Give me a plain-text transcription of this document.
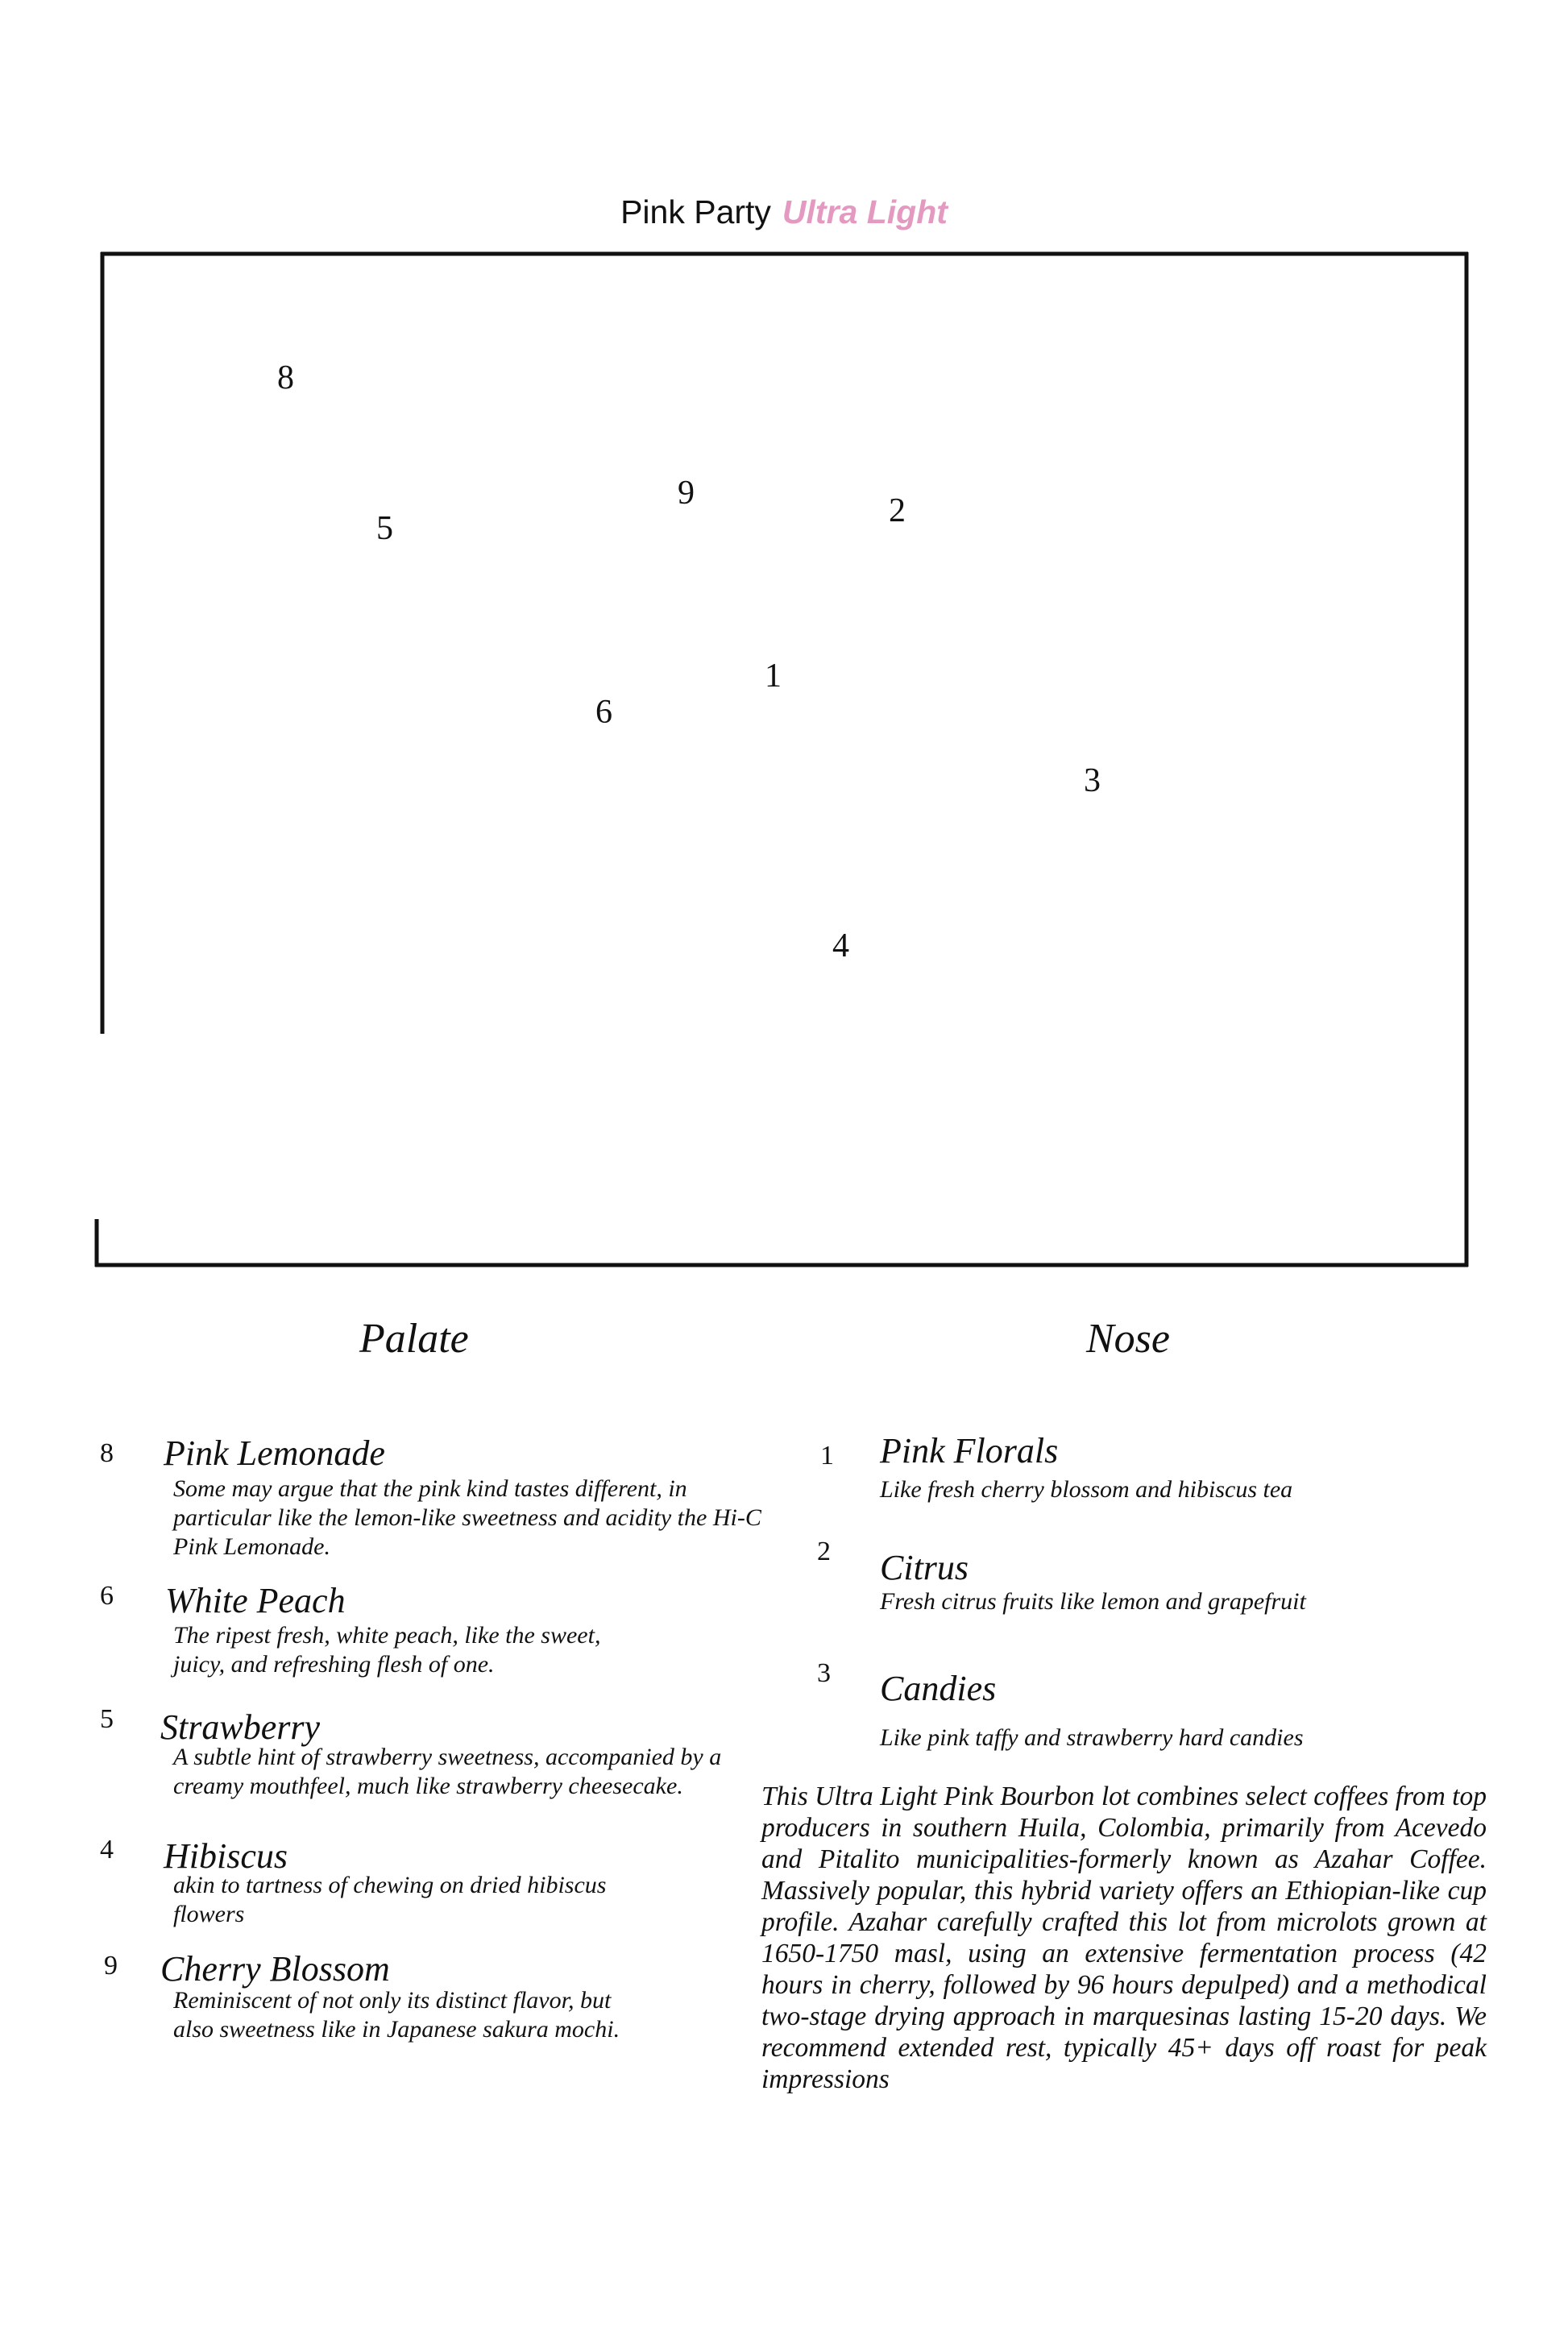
Pink Party Ultra Light
8
5
9	2
1
6
3
4
Palate	Nose
8 Pink Lemonade
Some may argue that the pink kind tastes different, in
particular like the lemon-like sweetness and acidity the Hi-C
Pink Lemonade.
6 White Peach
The ripest fresh, white peach, like the sweet,
juicy, and refreshing flesh of one.
5 Strawberry
A subtle hint of strawberry sweetness, accompanied by a
creamy mouthfeel, much like strawberry cheesecake.
4 Hibiscus
akin to tartness of chewing on dried hibiscus
flowers
9 Cherry Blossom
Reminiscent of not only its distinct flavor, but
also sweetness like in Japanese sakura mochi.
1 Pink Florals
Like fresh cherry blossom and hibiscus tea
2 Citrus
Fresh citrus fruits like lemon and grapefruit
3 Candies
Like pink taffy and strawberry hard candies
This Ultra Light Pink Bourbon lot combines select coffees from top producers in southern Huila, Colombia, primarily from Acevedo and Pitalito municipalities-formerly known as Azahar Coffee. Massively popular, this hybrid variety offers an Ethiopian-like cup profile. Azahar carefully crafted this lot from microlots grown at 1650-1750 masl, using an extensive fermentation process (42 hours in cherry, followed by 96 hours depulped) and a methodical two-stage drying approach in marquesinas lasting 15-20 days. We recommend extended rest, typically 45+ days off roast for peak impressions
